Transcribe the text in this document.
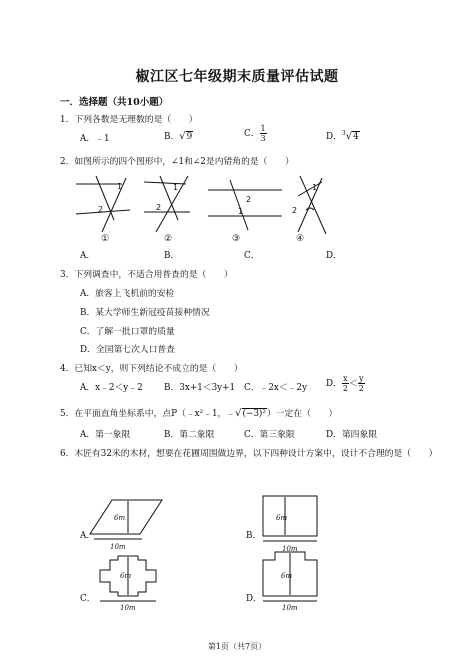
椒江区七年级期末质量评估试题
一．选择题（共10小题）
1．下列各数是无理数的是（　　）
A．﹣1	B．√9	C． $\frac{1}{3}$	D．$^3$√4
2．如图所示的四个图形中，∠1和∠2是内错角的是（　　）
1
2
1
2
2
1
1
2
①	②	③	④
A．	B．	C．	D．
3．下列调查中，不适合用普查的是（　　）
A．旅客上飞机前的安检
B．某大学师生新冠疫苗接种情况
C．了解一批口罩的质量
D．全国第七次人口普查
4．已知x＜y，则下列结论不成立的是（　　）
A．x﹣2＜y﹣2 B．3x+1＜3y+1 C．﹣2x＜﹣2y D． $\frac{x}{2} < \frac{y}{2}$
5．在平面直角坐标系中，点P（﹣x²﹣1，﹣√(−3)²）一定在（　　）
A．第一象限	B．第二象限	C．第三象限	D．第四象限
6．木匠有32米的木材，想要在花圃周围做边界，以下四种设计方案中，设计不合理的是（　　）
6m
10m
6m
10m
6m
10m
6m
10m
A．	B．
C．	D．
第1页（共7页）
